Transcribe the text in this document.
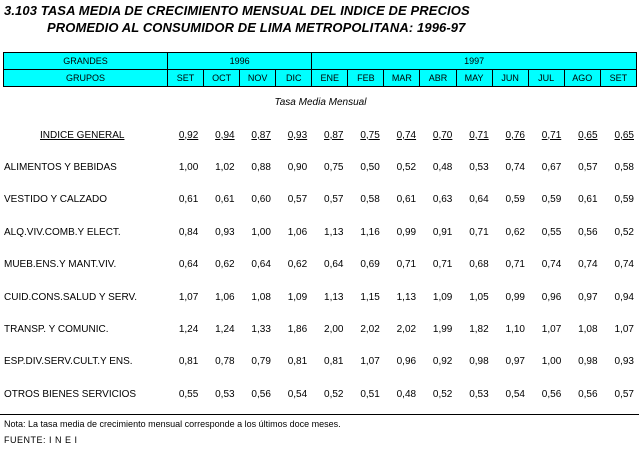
3.103 TASA MEDIA DE CRECIMIENTO MENSUAL DEL INDICE DE PRECIOS
PROMEDIO AL CONSUMIDOR DE LIMA METROPOLITANA: 1996-97
GRANDES	1996				1997								
GRUPOS	SET	OCT	NOV	DIC	ENE	FEB	MAR	ABR	MAY	JUN	JUL	AGO	SET
Tasa Media Mensual
INDICE GENERAL	0,92	0,94	0,87	0,93	0,87	0,75	0,74	0,70	0,71	0,76	0,71	0,65	0,65
ALIMENTOS Y BEBIDAS	1,00	1,02	0,88	0,90	0,75	0,50	0,52	0,48	0,53	0,74	0,67	0,57	0,58
VESTIDO Y CALZADO	0,61	0,61	0,60	0,57	0,57	0,58	0,61	0,63	0,64	0,59	0,59	0,61	0,59
ALQ.VIV.COMB.Y ELECT.	0,84	0,93	1,00	1,06	1,13	1,16	0,99	0,91	0,71	0,62	0,55	0,56	0,52
MUEB.ENS.Y MANT.VIV.	0,64	0,62	0,64	0,62	0,64	0,69	0,71	0,71	0,68	0,71	0,74	0,74	0,74
CUID.CONS.SALUD Y SERV.	1,07	1,06	1,08	1,09	1,13	1,15	1,13	1,09	1,05	0,99	0,96	0,97	0,94
TRANSP. Y COMUNIC.	1,24	1,24	1,33	1,86	2,00	2,02	2,02	1,99	1,82	1,10	1,07	1,08	1,07
ESP.DIV.SERV.CULT.Y ENS.	0,81	0,78	0,79	0,81	0,81	1,07	0,96	0,92	0,98	0,97	1,00	0,98	0,93
OTROS BIENES SERVICIOS	0,55	0,53	0,56	0,54	0,52	0,51	0,48	0,52	0,53	0,54	0,56	0,56	0,57
Nota: La tasa media de crecimiento mensual corresponde a los últimos doce meses.
FUENTE: I N E I
